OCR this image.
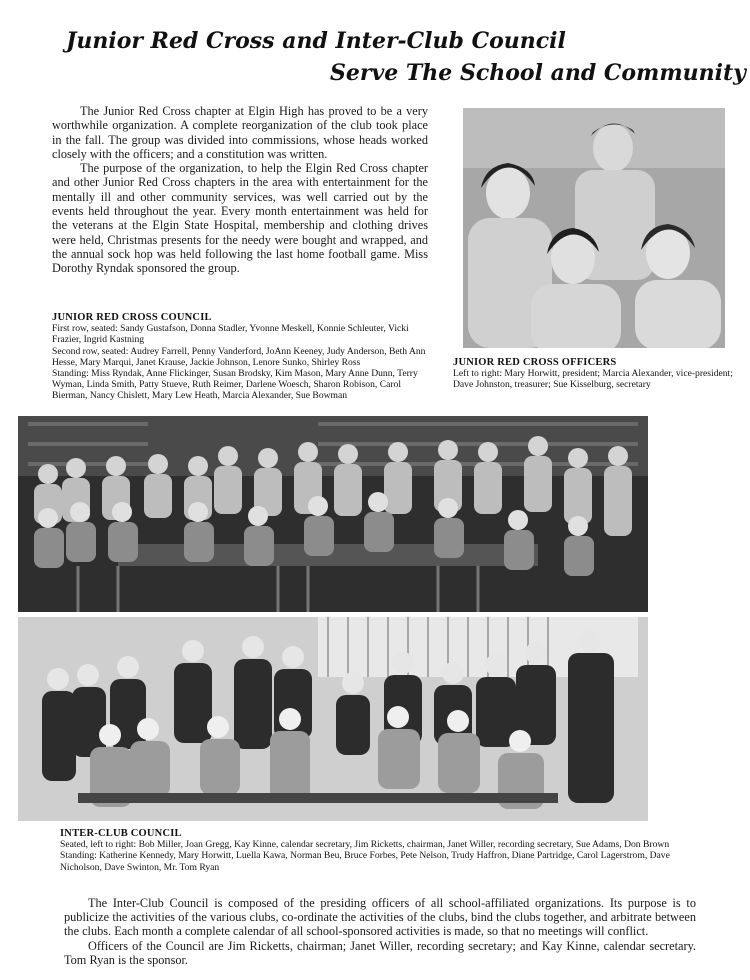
Junior Red Cross and Inter-Club Council
Serve The School and Community

The Junior Red Cross chapter at Elgin High has proved to be a very worthwhile organization. A complete reorganization of the club took place in the fall. The group was divided into commissions, whose heads worked closely with the officers; and a constitution was written.

The purpose of the organization, to help the Elgin Red Cross chapter and other Junior Red Cross chapters in the area with entertainment for the mentally ill and other community services, was well carried out by the events held throughout the year. Every month entertainment was held for the veterans at the Elgin State Hospital, membership and clothing drives were held, Christmas presents for the needy were bought and wrapped, and the annual sock hop was held following the last home football game. Miss Dorothy Ryndak sponsored the group.

JUNIOR RED CROSS OFFICERS
Left to right: Mary Horwitt, president; Marcia Alexander, vice-president; Dave Johnston, treasurer; Sue Kisselburg, secretary
JUNIOR RED CROSS COUNCIL
First row, seated: Sandy Gustafson, Donna Stadler, Yvonne Meskell, Konnie Schleuter, Vicki Frazier, Ingrid Kastning
Second row, seated: Audrey Farrell, Penny Vanderford, JoAnn Keeney, Judy Anderson, Beth Ann Hesse, Mary Marqui, Janet Krause, Jackie Johnson, Lenore Sunko, Shirley Ross
Standing: Miss Ryndak, Anne Flickinger, Susan Brodsky, Kim Mason, Mary Anne Dunn, Terry Wyman, Linda Smith, Patty Stueve, Ruth Reimer, Darlene Woesch, Sharon Robison, Carol Bierman, Nancy Chislett, Mary Lew Heath, Marcia Alexander, Sue Bowman
INTER-CLUB COUNCIL
Seated, left to right: Bob Miller, Joan Gregg, Kay Kinne, calendar secretary, Jim Ricketts, chairman, Janet Willer, recording secretary, Sue Adams, Don Brown
Standing: Katherine Kennedy, Mary Horwitt, Luella Kawa, Norman Beu, Bruce Forbes, Pete Nelson, Trudy Haffron, Diane Partridge, Carol Lagerstrom, Dave Nicholson, Dave Swinton, Mr. Tom Ryan

The Inter-Club Council is composed of the presiding officers of all school-affiliated organizations. Its purpose is to publicize the activities of the various clubs, co-ordinate the activities of the clubs, bind the clubs together, and arbitrate between the clubs. Each month a complete calendar of all school-sponsored activities is made, so that no meetings will conflict.

Officers of the Council are Jim Ricketts, chairman; Janet Willer, recording secretary; and Kay Kinne, calendar secretary. Tom Ryan is the sponsor.
